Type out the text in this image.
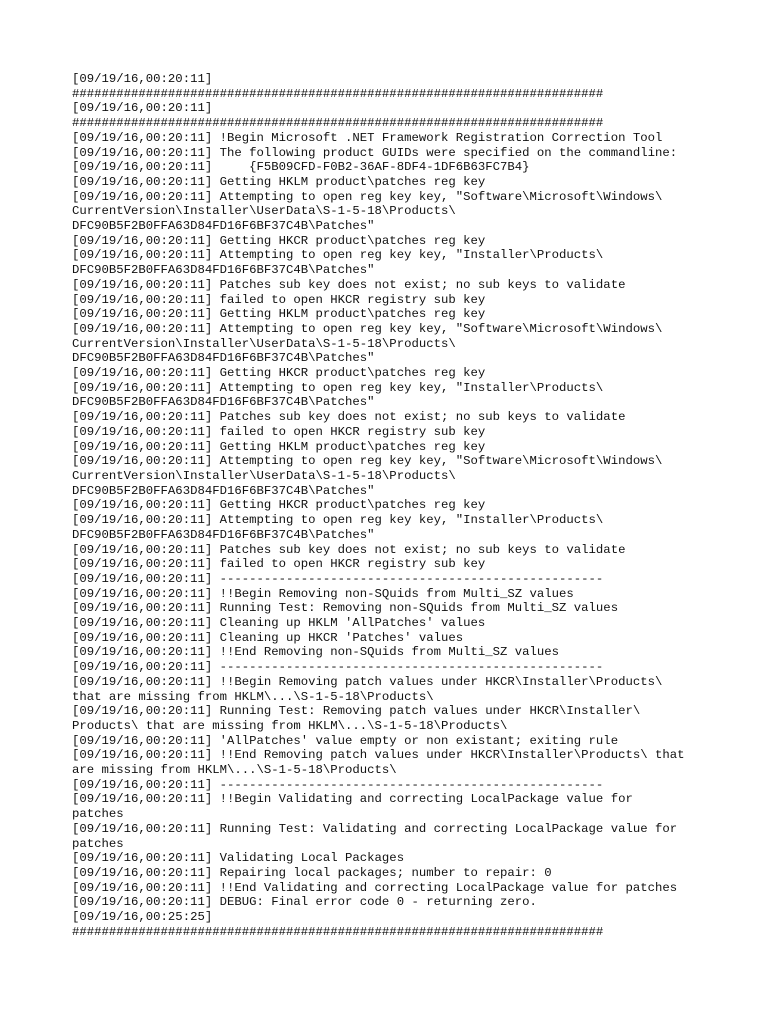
[09/19/16,00:20:11]
########################################################################
[09/19/16,00:20:11]
########################################################################
[09/19/16,00:20:11] !Begin Microsoft .NET Framework Registration Correction Tool
[09/19/16,00:20:11] The following product GUIDs were specified on the commandline:
[09/19/16,00:20:11]     {F5B09CFD-F0B2-36AF-8DF4-1DF6B63FC7B4}
[09/19/16,00:20:11] Getting HKLM product\patches reg key
[09/19/16,00:20:11] Attempting to open reg key key, "Software\Microsoft\Windows\
CurrentVersion\Installer\UserData\S-1-5-18\Products\
DFC90B5F2B0FFA63D84FD16F6BF37C4B\Patches"
[09/19/16,00:20:11] Getting HKCR product\patches reg key
[09/19/16,00:20:11] Attempting to open reg key key, "Installer\Products\
DFC90B5F2B0FFA63D84FD16F6BF37C4B\Patches"
[09/19/16,00:20:11] Patches sub key does not exist; no sub keys to validate
[09/19/16,00:20:11] failed to open HKCR registry sub key
[09/19/16,00:20:11] Getting HKLM product\patches reg key
[09/19/16,00:20:11] Attempting to open reg key key, "Software\Microsoft\Windows\
CurrentVersion\Installer\UserData\S-1-5-18\Products\
DFC90B5F2B0FFA63D84FD16F6BF37C4B\Patches"
[09/19/16,00:20:11] Getting HKCR product\patches reg key
[09/19/16,00:20:11] Attempting to open reg key key, "Installer\Products\
DFC90B5F2B0FFA63D84FD16F6BF37C4B\Patches"
[09/19/16,00:20:11] Patches sub key does not exist; no sub keys to validate
[09/19/16,00:20:11] failed to open HKCR registry sub key
[09/19/16,00:20:11] Getting HKLM product\patches reg key
[09/19/16,00:20:11] Attempting to open reg key key, "Software\Microsoft\Windows\
CurrentVersion\Installer\UserData\S-1-5-18\Products\
DFC90B5F2B0FFA63D84FD16F6BF37C4B\Patches"
[09/19/16,00:20:11] Getting HKCR product\patches reg key
[09/19/16,00:20:11] Attempting to open reg key key, "Installer\Products\
DFC90B5F2B0FFA63D84FD16F6BF37C4B\Patches"
[09/19/16,00:20:11] Patches sub key does not exist; no sub keys to validate
[09/19/16,00:20:11] failed to open HKCR registry sub key
[09/19/16,00:20:11] ----------------------------------------------------
[09/19/16,00:20:11] !!Begin Removing non-SQuids from Multi_SZ values
[09/19/16,00:20:11] Running Test: Removing non-SQuids from Multi_SZ values
[09/19/16,00:20:11] Cleaning up HKLM 'AllPatches' values
[09/19/16,00:20:11] Cleaning up HKCR 'Patches' values
[09/19/16,00:20:11] !!End Removing non-SQuids from Multi_SZ values
[09/19/16,00:20:11] ----------------------------------------------------
[09/19/16,00:20:11] !!Begin Removing patch values under HKCR\Installer\Products\
that are missing from HKLM\...\S-1-5-18\Products\
[09/19/16,00:20:11] Running Test: Removing patch values under HKCR\Installer\
Products\ that are missing from HKLM\...\S-1-5-18\Products\
[09/19/16,00:20:11] 'AllPatches' value empty or non existant; exiting rule
[09/19/16,00:20:11] !!End Removing patch values under HKCR\Installer\Products\ that
are missing from HKLM\...\S-1-5-18\Products\
[09/19/16,00:20:11] ----------------------------------------------------
[09/19/16,00:20:11] !!Begin Validating and correcting LocalPackage value for
patches
[09/19/16,00:20:11] Running Test: Validating and correcting LocalPackage value for
patches
[09/19/16,00:20:11] Validating Local Packages
[09/19/16,00:20:11] Repairing local packages; number to repair: 0
[09/19/16,00:20:11] !!End Validating and correcting LocalPackage value for patches
[09/19/16,00:20:11] DEBUG: Final error code 0 - returning zero.
[09/19/16,00:25:25]
########################################################################
